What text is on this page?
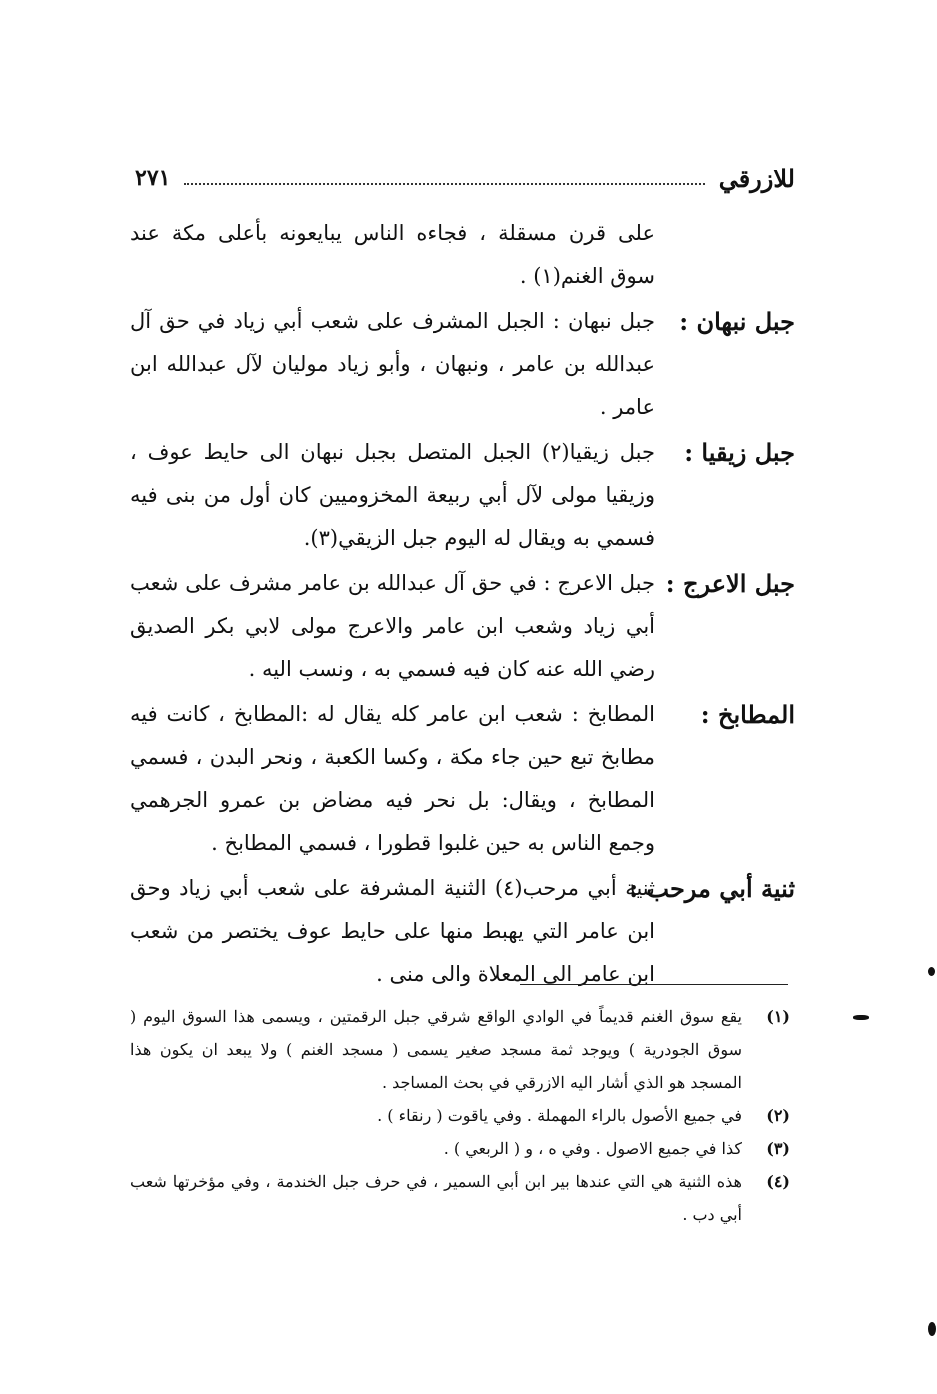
للازرقي
٢٧١
على قرن مسقلة ، فجاءه الناس يبايعونه بأعلى مكة عند سوق الغنم(١) .
جبل نبهان :
جبل نبهان : الجبل المشرف على شعب أبي زياد في حق آل عبدالله بن عامر ، ونبهان ، وأبو زياد مولیان لآل عبدالله ابن عامر .
جبل زيقيا :
جبل زيقيا(٢) الجبل المتصل بجبل نبهان الى حايط عوف ، وزيقيا مولى لآل أبي ربيعة المخزوميين كان أول من بنى فيه فسمي به ويقال له اليوم جبل الزيقي(٣).
جبل الاعرج :
جبل الاعرج : في حق آل عبدالله بن عامر مشرف على شعب أبي زياد وشعب ابن عامر والاعرج مولى لابي بكر الصديق رضي الله عنه كان فيه فسمي به ، ونسب اليه .
المطابخ :
المطابخ : شعب ابن عامر كله يقال له :المطابخ ، كانت فيه مطابخ تبع حين جاء مكة ، وكسا الكعبة ، ونحر البدن ، فسمي المطابخ ، ويقال: بل نحر فيه مضاض بن عمرو الجرهمي وجمع الناس به حين غلبوا قطورا ، فسمي المطابخ .
ثنية أبي مرحب :
ثنية أبي مرحب(٤) الثنية المشرفة على شعب أبي زياد وحق ابن عامر التي يهبط منها على حايط عوف يختصر من شعب ابن عامر الى المعلاة والى منى .
(١)
يقع سوق الغنم قديماً في الوادي الواقع شرقي جبل الرقمتين ، ويسمى هذا السوق اليوم ( سوق الجودرية ) ويوجد ثمة مسجد صغير يسمى ( مسجد الغنم ) ولا يبعد ان يكون هذا المسجد هو الذي أشار اليه الازرقي في بحث المساجد .
(٢)
في جميع الأصول بالراء المهملة . وفي ياقوت ( رنقاء ) .
(٣)
كذا في جميع الاصول . وفي ه ، و ( الربعي ) .
(٤)
هذه الثنية هي التي عندها بير ابن أبي السمير ، في حرف جبل الخندمة ، وفي مؤخرتها شعب أبي دب .
